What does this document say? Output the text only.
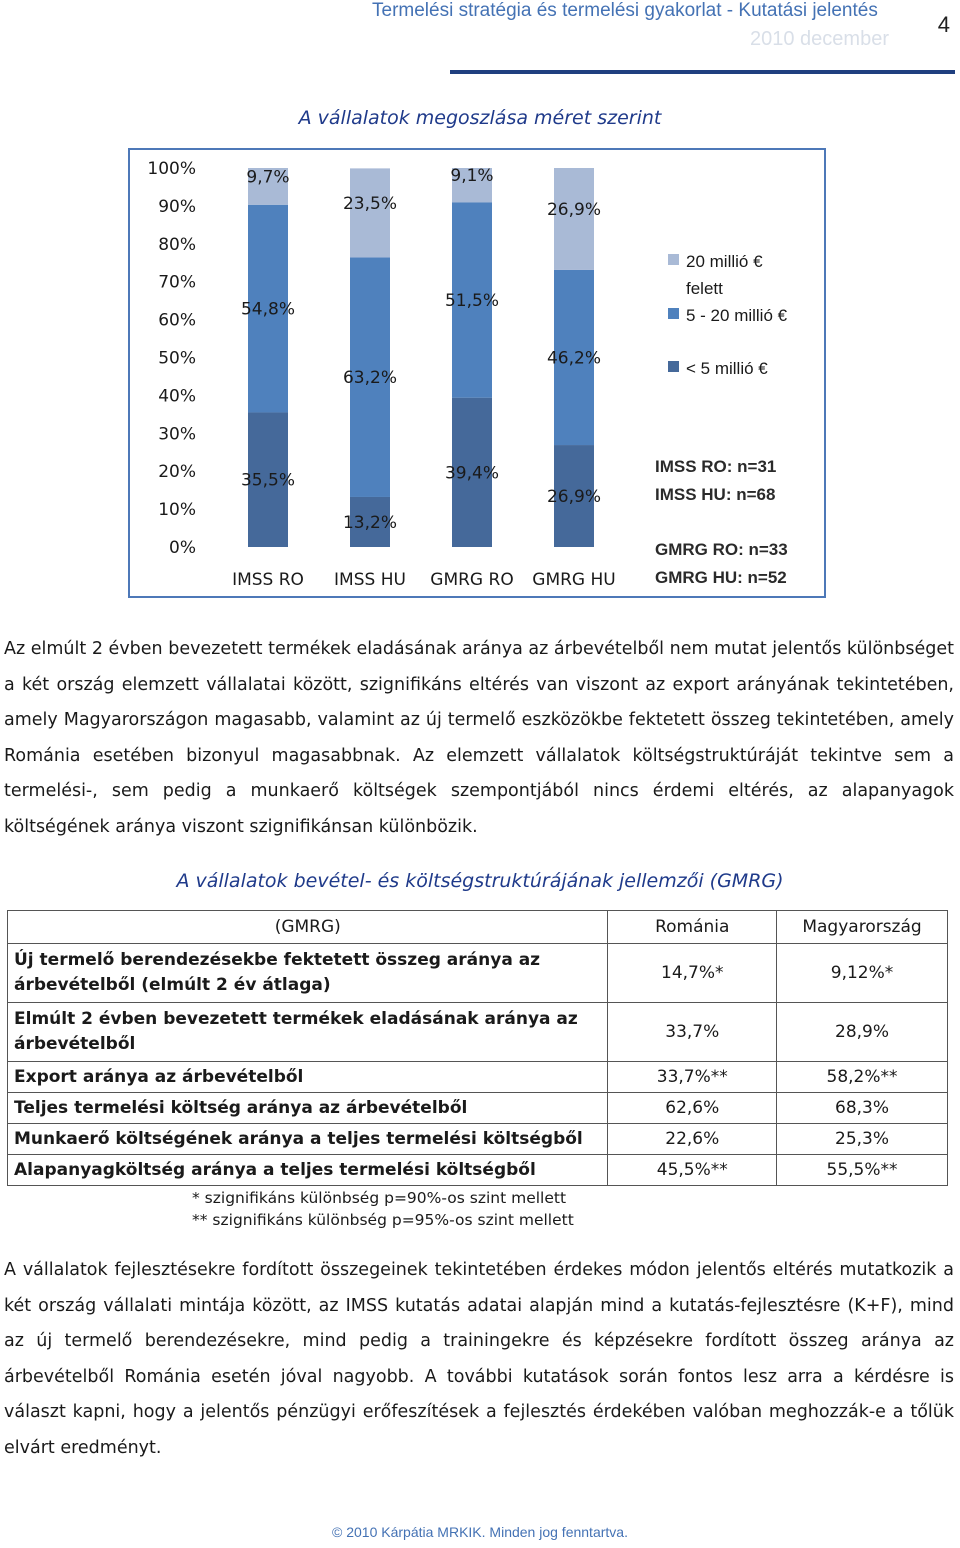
Termelési stratégia és termelési gyakorlat - Kutatási jelentés
2010 december
4
A vállalatok megoszlása méret szerint
0%
10%
20%
30%
40%
50%
60%
70%
80%
90%
100%
35,5%
54,8%
9,7%
IMSS RO
13,2%
63,2%
23,5%
IMSS HU
39,4%
51,5%
9,1%
GMRG RO
26,9%
46,2%
26,9%
GMRG HU
20 millió €
felett
5 - 20 millió €
< 5 millió €
IMSS RO: n=31
IMSS HU: n=68
GMRG RO: n=33
GMRG HU: n=52
Az elmúlt 2 évben bevezetett termékek eladásának aránya az árbevételből nem mutat jelentős különbséget a két ország elemzett vállalatai között, szignifikáns eltérés van viszont az export arányának tekintetében, amely Magyarországon magasabb, valamint az új termelő eszközökbe fektetett összeg tekintetében, amely Románia esetében bizonyul magasabbnak. Az elemzett vállalatok költségstruktúráját tekintve sem a termelési-, sem pedig a munkaerő költségek szempontjából nincs érdemi eltérés, az alapanyagok költségének aránya viszont szignifikánsan különbözik.
A vállalatok bevétel- és költségstruktúrájának jellemzői (GMRG)
(GMRG)	Románia	Magyarország
Új termelő berendezésekbe fektetett összeg aránya az árbevételből (elmúlt 2 év átlaga)	14,7%*	9,12%*
Elmúlt 2 évben bevezetett termékek eladásának aránya az árbevételből	33,7%	28,9%
Export aránya az árbevételből	33,7%**	58,2%**
Teljes termelési költség aránya az árbevételből	62,6%	68,3%
Munkaerő költségének aránya a teljes termelési költségből	22,6%	25,3%
Alapanyagköltség aránya a teljes termelési költségből	45,5%**	55,5%**
* szignifikáns különbség p=90%-os szint mellett
** szignifikáns különbség p=95%-os szint mellett
A vállalatok fejlesztésekre fordított összegeinek tekintetében érdekes módon jelentős eltérés mutatkozik a két ország vállalati mintája között, az IMSS kutatás adatai alapján mind a kutatás-fejlesztésre (K+F), mind az új termelő berendezésekre, mind pedig a trainingekre és képzésekre fordított összeg aránya az árbevételből Románia esetén jóval nagyobb. A további kutatások során fontos lesz arra a kérdésre is választ kapni, hogy a jelentős pénzügyi erőfeszítések a fejlesztés érdekében valóban meghozzák-e a tőlük elvárt eredményt.
© 2010 Kárpátia MRKIK. Minden jog fenntartva.
